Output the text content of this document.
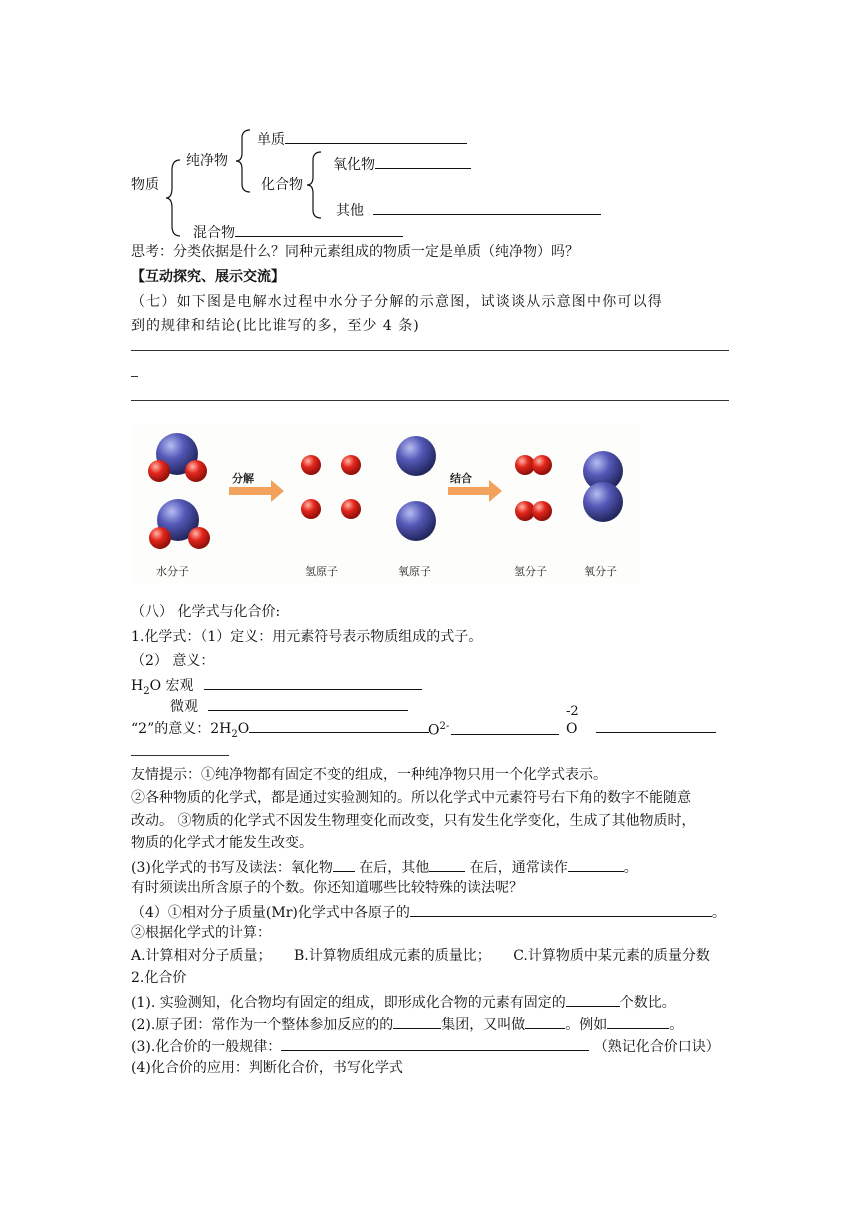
物质
纯净物
单质
化合物
氧化物
其他
混合物
思考：分类依据是什么？同种元素组成的物质一定是单质（纯净物）吗？
【互动探究、展示交流】
（七）如下图是电解水过程中水分子分解的示意图，试谈谈从示意图中你可以得
到的规律和结论(比比谁写的多，至少 4 条)
分解	结合
水分子	氢原子	氧原子	氢分子	氧分子
（八） 化学式与化合价:
1.化学式：（1）定义：用元素符号表示物质组成的式子。
（2） 意义：
$H_2O$ 宏观
微观	-2
“2”的意义：$2H_2O$	$O^{2-}$	O
友情提示：①纯净物都有固定不变的组成，一种纯净物只用一个化学式表示。
②各种物质的化学式，都是通过实验测知的。所以化学式中元素符号右下角的数字不能随意
改动。 ③物质的化学式不因发生物理变化而改变，只有发生化学变化，生成了其他物质时，
物质的化学式才能发生改变。
(3)化学式的书写及读法：氧化物 在后，其他	在后，通常读作	。
有时须读出所含原子的个数。你还知道哪些比较特殊的读法呢？
（4）①相对分子质量(Mr)化学式中各原子的	。
②根据化学式的计算：
A.计算相对分子质量； B.计算物质组成元素的质量比； C.计算物质中某元素的质量分数
2.化合价
(1). 实验测知，化合物均有固定的组成，即形成化合物的元素有固定的	个数比。
(2).原子团：常作为一个整体参加反应的的	集团，又叫做	。例如	。
(3).化合价的一般规律：	（熟记化合价口诀）
(4)化合价的应用：判断化合价，书写化学式
